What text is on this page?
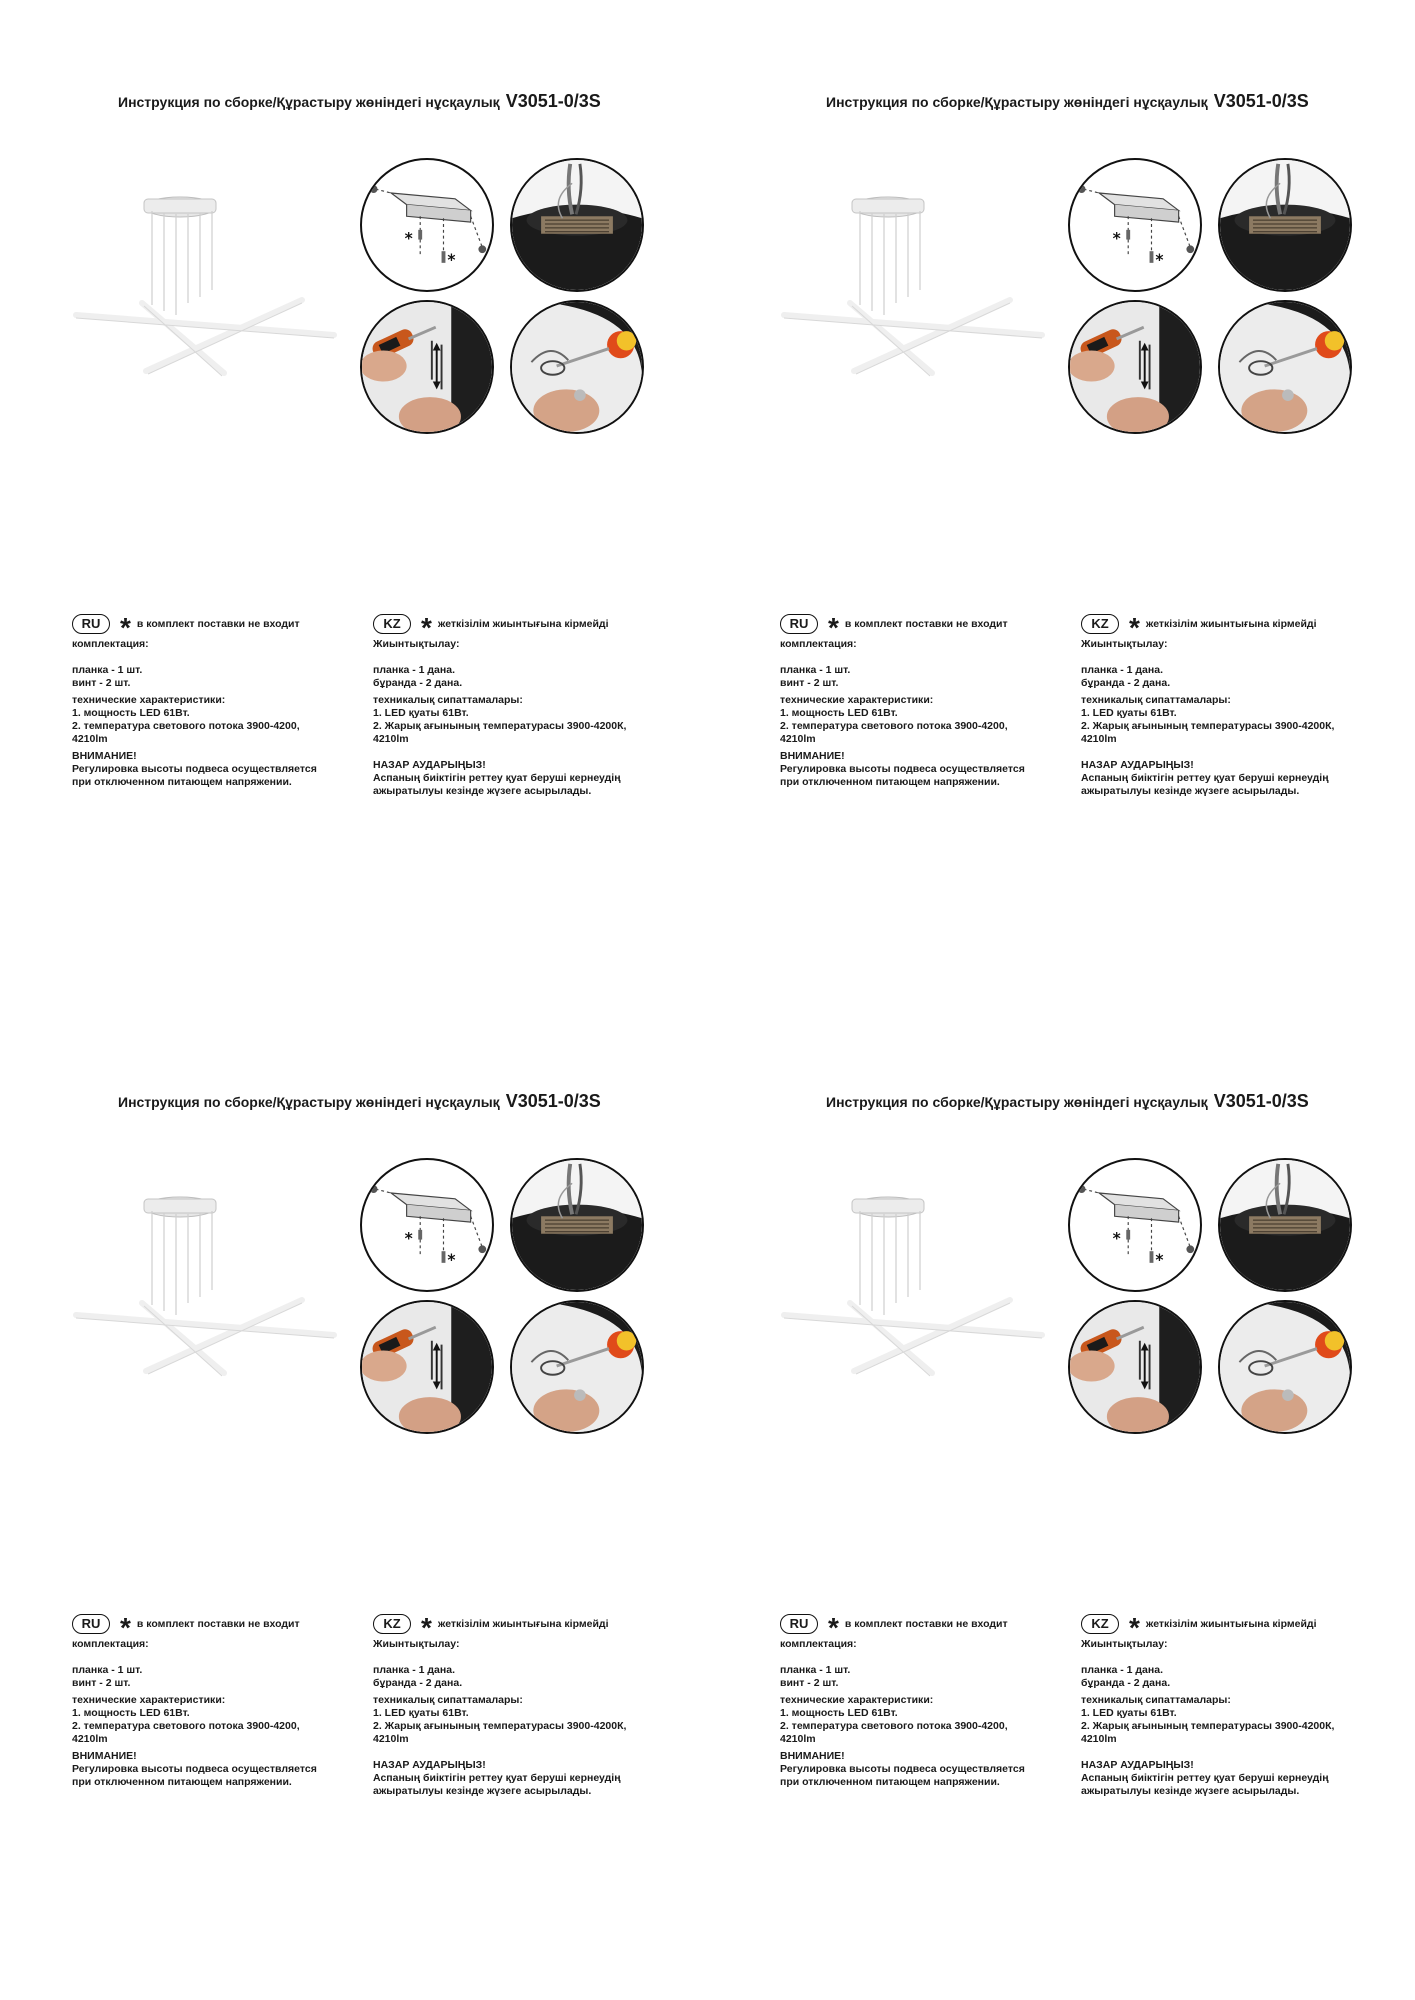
Инструкция по сборке/Құрастыру жөніндегі нұсқаулық V3051-0/3S
*
*
RU * в комплект поставки не входит
комплектация:
планка - 1 шт.
винт - 2 шт.
технические характеристики:
1. мощность LED 61Вт.
2. температура светового потока 3900-4200,
4210lm
ВНИМАНИЕ!
Регулировка высоты подвеса осуществляется
при отключенном питающем напряжении.
KZ * жеткізілім жиынтығына кірмейді
Жиынтықтылау:
планка - 1 дана.
бұранда - 2 дана.
техникалық сипаттамалары:
1. LED қуаты 61Вт.
2. Жарық ағынының температурасы 3900-4200К,
4210lm
НАЗАР АУДАРЫҢЫЗ!
Аспаның биіктігін реттеу қуат беруші кернеудің
ажыратылуы кезінде жүзеге асырылады.
Инструкция по сборке/Құрастыру жөніндегі нұсқаулық V3051-0/3S
*
*
RU * в комплект поставки не входит
комплектация:
планка - 1 шт.
винт - 2 шт.
технические характеристики:
1. мощность LED 61Вт.
2. температура светового потока 3900-4200,
4210lm
ВНИМАНИЕ!
Регулировка высоты подвеса осуществляется
при отключенном питающем напряжении.
KZ * жеткізілім жиынтығына кірмейді
Жиынтықтылау:
планка - 1 дана.
бұранда - 2 дана.
техникалық сипаттамалары:
1. LED қуаты 61Вт.
2. Жарық ағынының температурасы 3900-4200К,
4210lm
НАЗАР АУДАРЫҢЫЗ!
Аспаның биіктігін реттеу қуат беруші кернеудің
ажыратылуы кезінде жүзеге асырылады.
Инструкция по сборке/Құрастыру жөніндегі нұсқаулық V3051-0/3S
*
*
RU * в комплект поставки не входит
комплектация:
планка - 1 шт.
винт - 2 шт.
технические характеристики:
1. мощность LED 61Вт.
2. температура светового потока 3900-4200,
4210lm
ВНИМАНИЕ!
Регулировка высоты подвеса осуществляется
при отключенном питающем напряжении.
KZ * жеткізілім жиынтығына кірмейді
Жиынтықтылау:
планка - 1 дана.
бұранда - 2 дана.
техникалық сипаттамалары:
1. LED қуаты 61Вт.
2. Жарық ағынының температурасы 3900-4200К,
4210lm
НАЗАР АУДАРЫҢЫЗ!
Аспаның биіктігін реттеу қуат беруші кернеудің
ажыратылуы кезінде жүзеге асырылады.
Инструкция по сборке/Құрастыру жөніндегі нұсқаулық V3051-0/3S
*
*
RU * в комплект поставки не входит
комплектация:
планка - 1 шт.
винт - 2 шт.
технические характеристики:
1. мощность LED 61Вт.
2. температура светового потока 3900-4200,
4210lm
ВНИМАНИЕ!
Регулировка высоты подвеса осуществляется
при отключенном питающем напряжении.
KZ * жеткізілім жиынтығына кірмейді
Жиынтықтылау:
планка - 1 дана.
бұранда - 2 дана.
техникалық сипаттамалары:
1. LED қуаты 61Вт.
2. Жарық ағынының температурасы 3900-4200К,
4210lm
НАЗАР АУДАРЫҢЫЗ!
Аспаның биіктігін реттеу қуат беруші кернеудің
ажыратылуы кезінде жүзеге асырылады.
